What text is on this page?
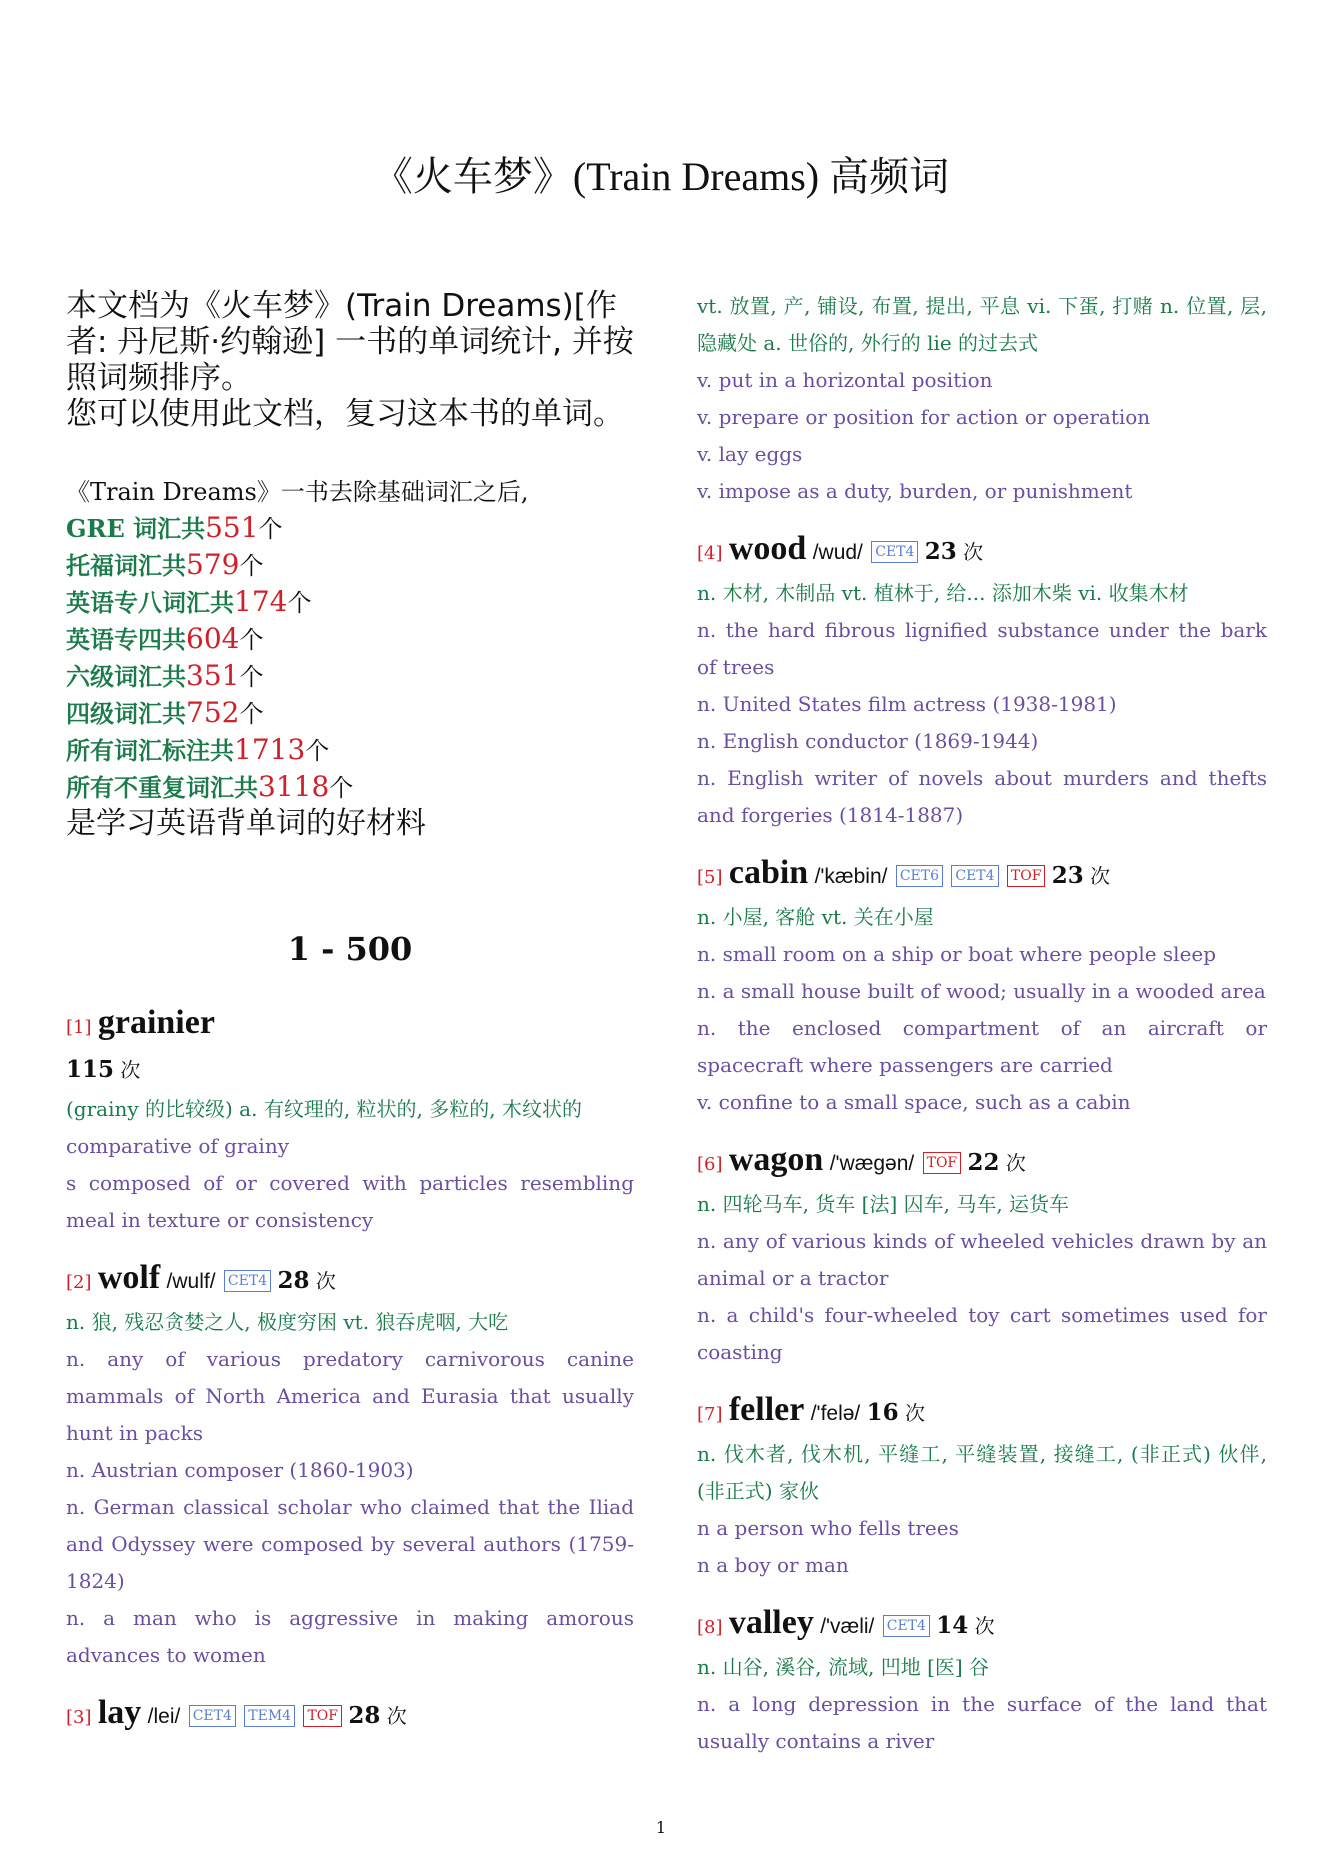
《火车梦》(Train Dreams) 高频词

本文档为《火车梦》(Train Dreams)[作者: 丹尼斯·约翰逊] 一书的单词统计, 并按照词频排序。

您可以使用此文档，复习这本书的单词。

《Train Dreams》一书去除基础词汇之后,
GRE 词汇共551个
托福词汇共579个
英语专八词汇共174个
英语专四共604个
六级词汇共351个
四级词汇共752个
所有词汇标注共1713个
所有不重复词汇共3118个
是学习英语背单词的好材料
1 - 500
[1] grainier
115 次
(grainy 的比较级) a. 有纹理的, 粒状的, 多粒的, 木纹状的
comparative of grainy
s composed of or covered with particles resembling meal in texture or consistency
[2] wolf /wulf/ CET4 28 次
n. 狼, 残忍贪婪之人, 极度穷困 vt. 狼吞虎咽, 大吃
n. any of various predatory carnivorous canine mammals of North America and Eurasia that usually hunt in packs
n. Austrian composer (1860-1903)
n. German classical scholar who claimed that the Iliad and Odyssey were composed by several authors (1759-1824)
n. a man who is aggressive in making amorous advances to women
[3] lay /lei/ CET4 TEM4 TOF 28 次
vt. 放置, 产, 铺设, 布置, 提出, 平息 vi. 下蛋, 打赌 n. 位置, 层, 隐藏处 a. 世俗的, 外行的 lie 的过去式
v. put in a horizontal position
v. prepare or position for action or operation
v. lay eggs
v. impose as a duty, burden, or punishment
[4] wood /wud/ CET4 23 次
n. 木材, 木制品 vt. 植林于, 给... 添加木柴 vi. 收集木材
n. the hard fibrous lignified substance under the bark of trees
n. United States film actress (1938-1981)
n. English conductor (1869-1944)
n. English writer of novels about murders and thefts and forgeries (1814-1887)
[5] cabin /'kæbin/ CET6 CET4 TOF 23 次
n. 小屋, 客舱 vt. 关在小屋
n. small room on a ship or boat where people sleep
n. a small house built of wood; usually in a wooded area
n. the enclosed compartment of an aircraft or spacecraft where passengers are carried
v. confine to a small space, such as a cabin
[6] wagon /'wægən/ TOF 22 次
n. 四轮马车, 货车 [法] 囚车, 马车, 运货车
n. any of various kinds of wheeled vehicles drawn by an animal or a tractor
n. a child's four-wheeled toy cart sometimes used for coasting
[7] feller /'felə/ 16 次
n. 伐木者, 伐木机, 平缝工, 平缝装置, 接缝工, (非正式) 伙伴, (非正式) 家伙
n a person who fells trees
n a boy or man
[8] valley /'væli/ CET4 14 次
n. 山谷, 溪谷, 流域, 凹地 [医] 谷
n. a long depression in the surface of the land that usually contains a river
1
